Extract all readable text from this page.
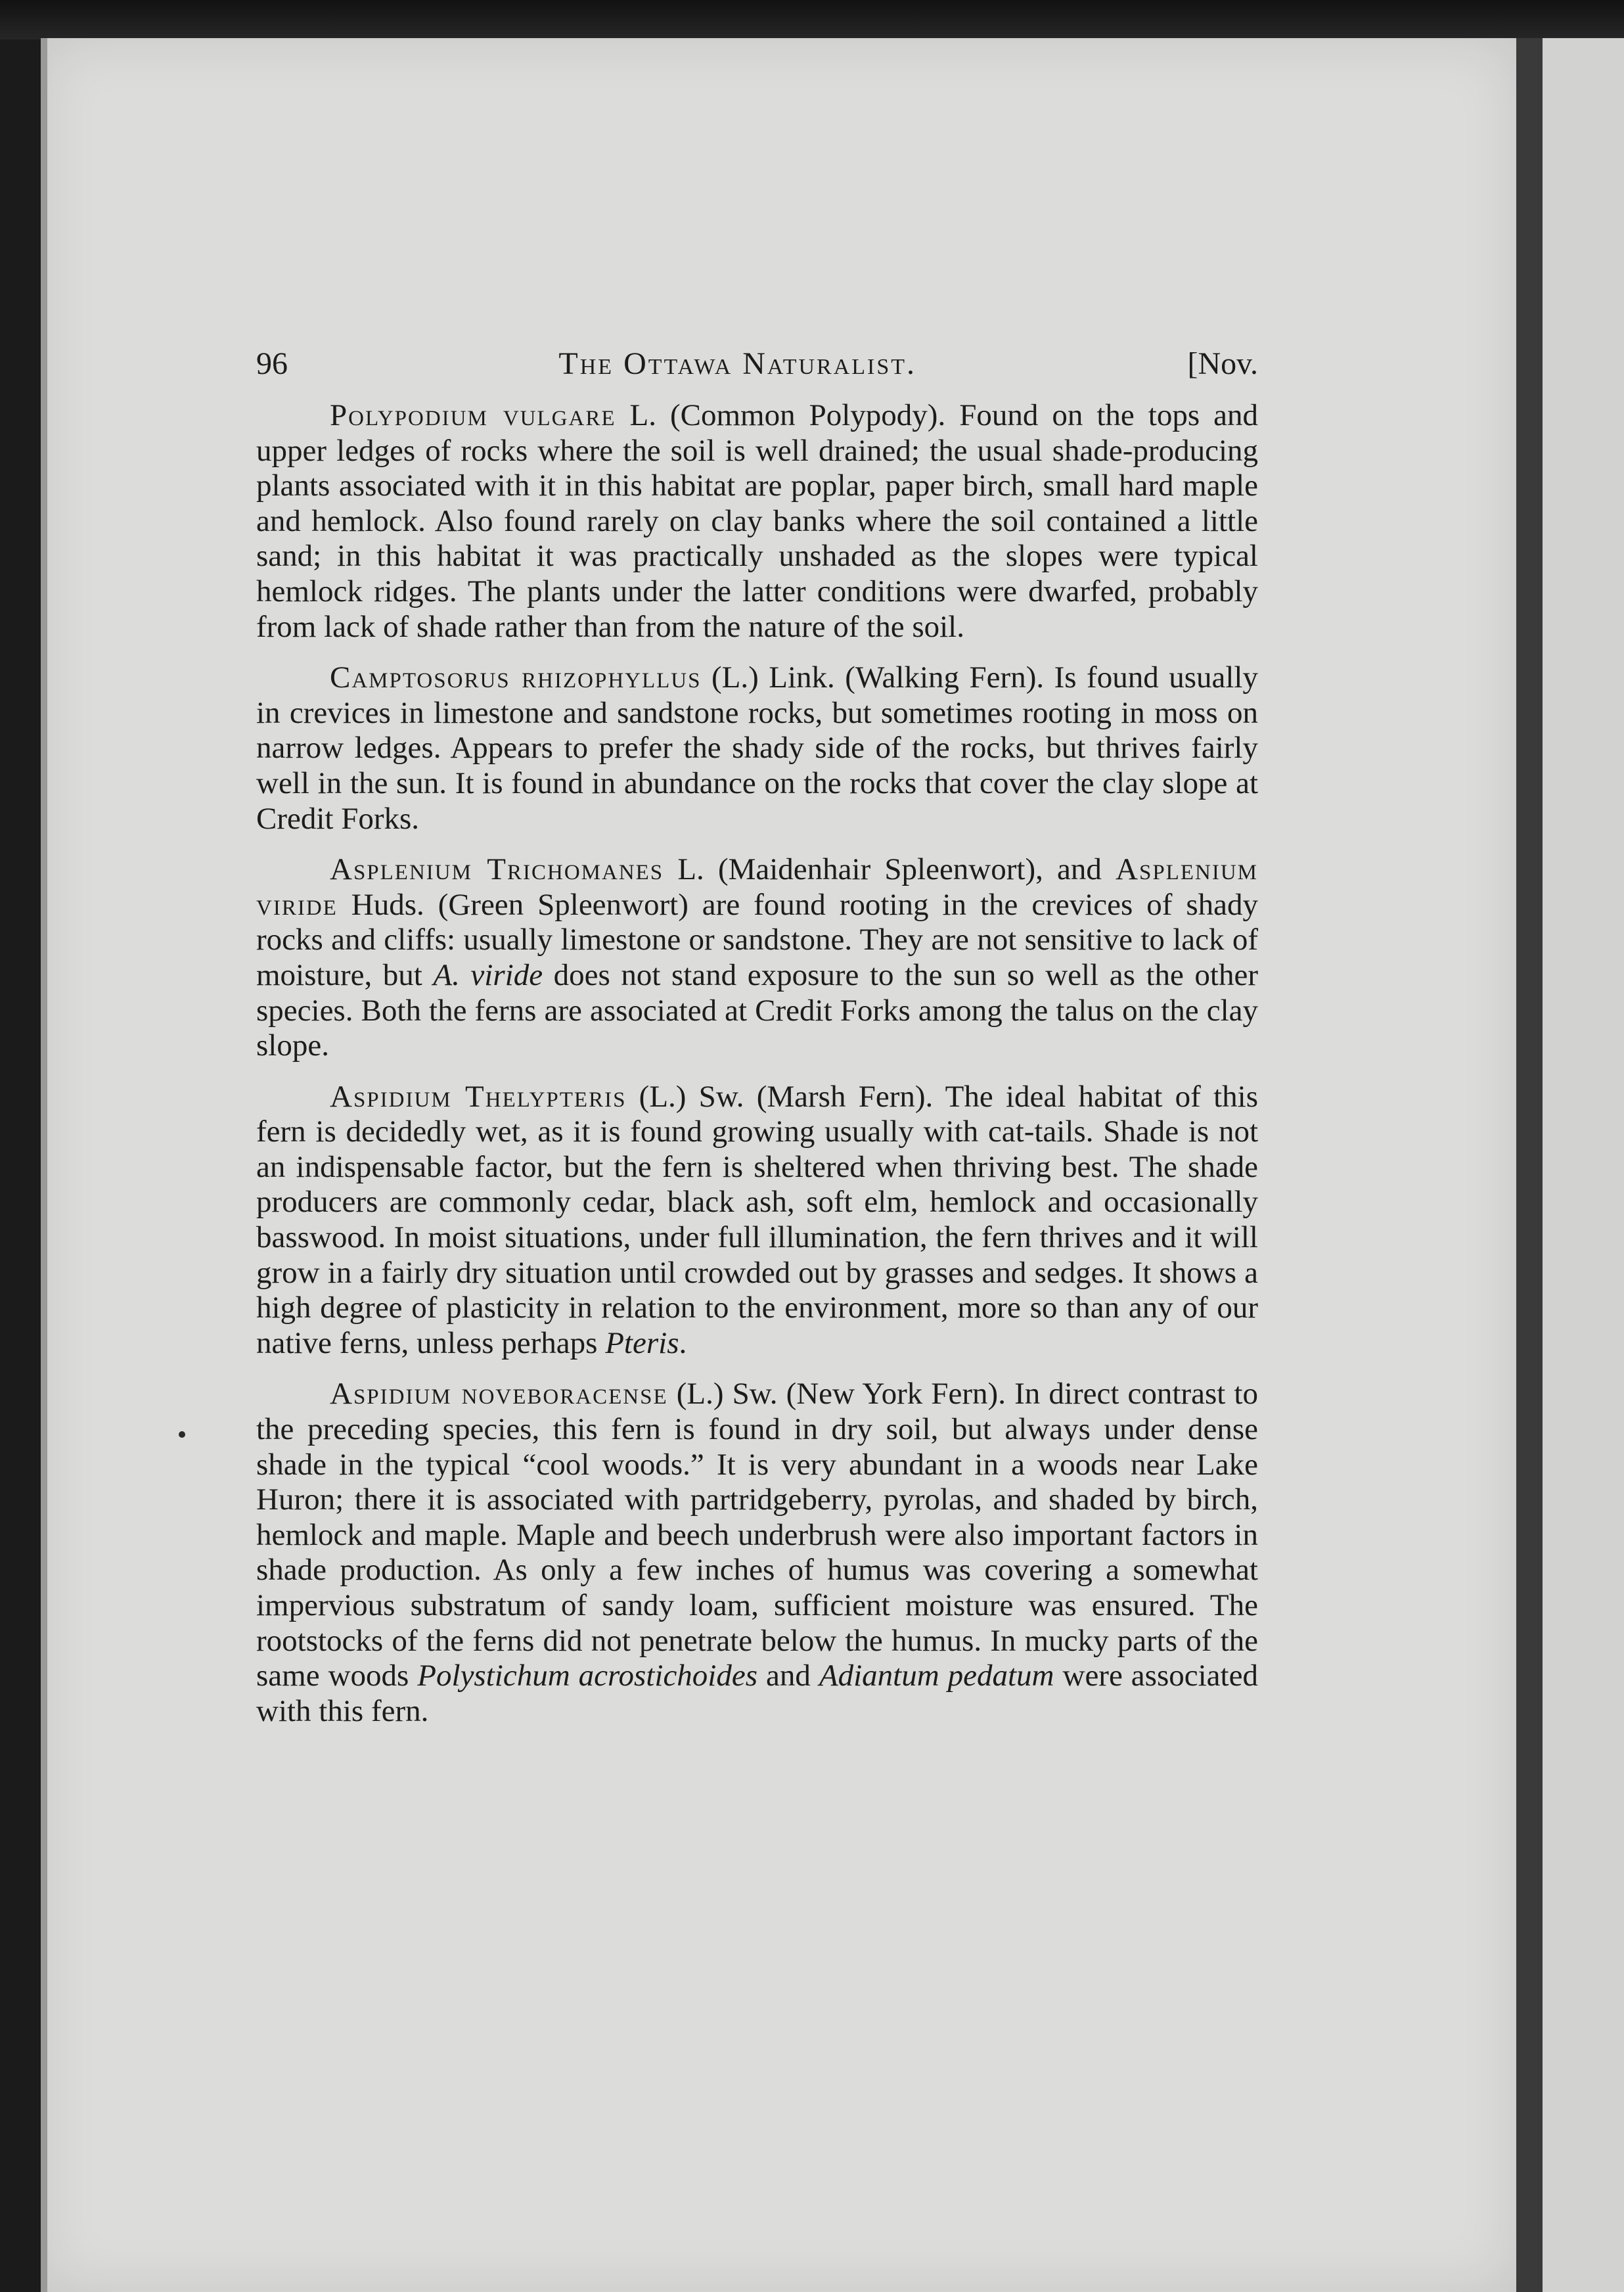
96	The Ottawa Naturalist.	[Nov.

Polypodium vulgare L. (Common Polypody). Found on the tops and upper ledges of rocks where the soil is well drained; the usual shade-producing plants associated with it in this habitat are poplar, paper birch, small hard maple and hemlock. Also found rarely on clay banks where the soil contained a little sand; in this habitat it was practically unshaded as the slopes were typical hemlock ridges. The plants under the latter conditions were dwarfed, probably from lack of shade rather than from the nature of the soil.

Camptosorus rhizophyllus (L.) Link. (Walking Fern). Is found usually in crevices in limestone and sandstone rocks, but sometimes rooting in moss on narrow ledges. Appears to prefer the shady side of the rocks, but thrives fairly well in the sun. It is found in abundance on the rocks that cover the clay slope at Credit Forks.

Asplenium Trichomanes L. (Maidenhair Spleenwort), and Asplenium viride Huds. (Green Spleenwort) are found rooting in the crevices of shady rocks and cliffs: usually limestone or sandstone. They are not sensitive to lack of moisture, but A. viride does not stand exposure to the sun so well as the other species. Both the ferns are associated at Credit Forks among the talus on the clay slope.

Aspidium Thelypteris (L.) Sw. (Marsh Fern). The ideal habitat of this fern is decidedly wet, as it is found growing usually with cat-tails. Shade is not an indispensable factor, but the fern is sheltered when thriving best. The shade producers are commonly cedar, black ash, soft elm, hemlock and occasionally basswood. In moist situations, under full illumination, the fern thrives and it will grow in a fairly dry situation until crowded out by grasses and sedges. It shows a high degree of plasticity in relation to the environment, more so than any of our native ferns, unless perhaps Pteris.

Aspidium noveboracense (L.) Sw. (New York Fern). In direct contrast to the preceding species, this fern is found in dry soil, but always under dense shade in the typical “cool woods.” It is very abundant in a woods near Lake Huron; there it is associated with partridgeberry, pyrolas, and shaded by birch, hemlock and maple. Maple and beech underbrush were also important factors in shade production. As only a few inches of humus was covering a somewhat impervious substratum of sandy loam, sufficient moisture was ensured. The rootstocks of the ferns did not penetrate below the humus. In mucky parts of the same woods Polystichum acrostichoides and Adiantum pedatum were associated with this fern.
